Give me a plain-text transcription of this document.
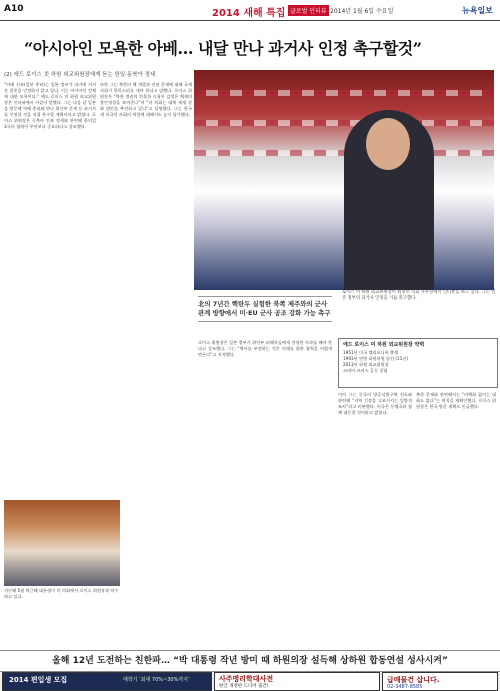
A10	2014 새해 특집 글로벌 인터뷰 2014년 1월 6일 수요일	뉴욕일보
“아시아인 모욕한 아베… 내달 만나 과거사 인정 촉구할것”
(2) 에드 로이스 美 하원 외교위원장에게 듣는 한일·동북아 정세
“아베 신조(일본 총리)는 일본 정부가 과거에 저지른 잘못을 인정하지 않고 있다. 이는 아시아인 전체에 대한 모욕이다.” 에드 로이스 미 하원 외교위원장은 인터뷰에서 이같이 말했다. 그는 다음 달 일본을 방문해 아베 총리와 만나 위안부 문제 등 과거사를 인정할 것을 직접 촉구할 계획이라고 밝혔다. 로이스 위원장은 동북아 안보 정세와 관련해 한미일 3국의 협력이 무엇보다 중요하다고 강조했다.
또한 그는 북한의 핵 개발과 인권 문제에 대해 국제사회가 한목소리를 내야 한다고 말했다. 로이스 위원장은 “북한 정권의 잔혹한 숙청은 김정은 체제의 불안정성을 보여준다”며 “미 의회는 대북 제재 강화 법안을 추진하고 있다”고 설명했다. 그는 한국계 미국인 사회의 역할에 대해서도 높이 평가했다.
로이스 미 하원 외교위원장이 워싱턴 의회 사무실에서 인터뷰를 하고 있다. 그는 일본 정부의 과거사 인정을 거듭 촉구했다.
北의 7년간 핵탄두 실험한 북쪽 제주와의 군사 관계 방향에서 미·EU 군사 공조 강화 가능 촉구
에드 로이스 미 하원 외교위원장 약력
1951년 미국 캘리포니아 출생
1993년 연방 하원의원 당선 (11선)
2013년 하원 외교위원장
코리아 코커스 공동 창립
로이스 위원장은 일본 정부가 위안부 피해자들에게 진정한 사과를 해야 한다고 강조했다. 그는 “역사를 부정하는 것은 미래를 위한 협력을 어렵게 만든다”고 지적했다.
이어 그는 중국의 방공식별구역 선포와 관련해 “지역 긴장을 고조시키는 일방적 조치”라고 비판했다. 미국은 동맹국과 함께 대응할 것이라고 밝혔다.
북한 문제와 관련해서는 “비핵화 없이는 대화도 없다”는 원칙을 재확인했다. 로이스 위원장은 한국 방문 계획도 언급했다.
지난해 5월 박근혜 대통령이 미 의회에서 로이스 위원장과 악수하고 있다.
올해 12년 도전하는 친한파… “박 대통령 작년 방미 때 하원의장 설득해 상하원 합동연설 성사시켜”
2014 편입생 모집	매학기 ‘최대 70%~30%까지’	사주명리학대사전
한글 개정판 드디어 출간!
급매물건 삽니다.
02-3487-8585
